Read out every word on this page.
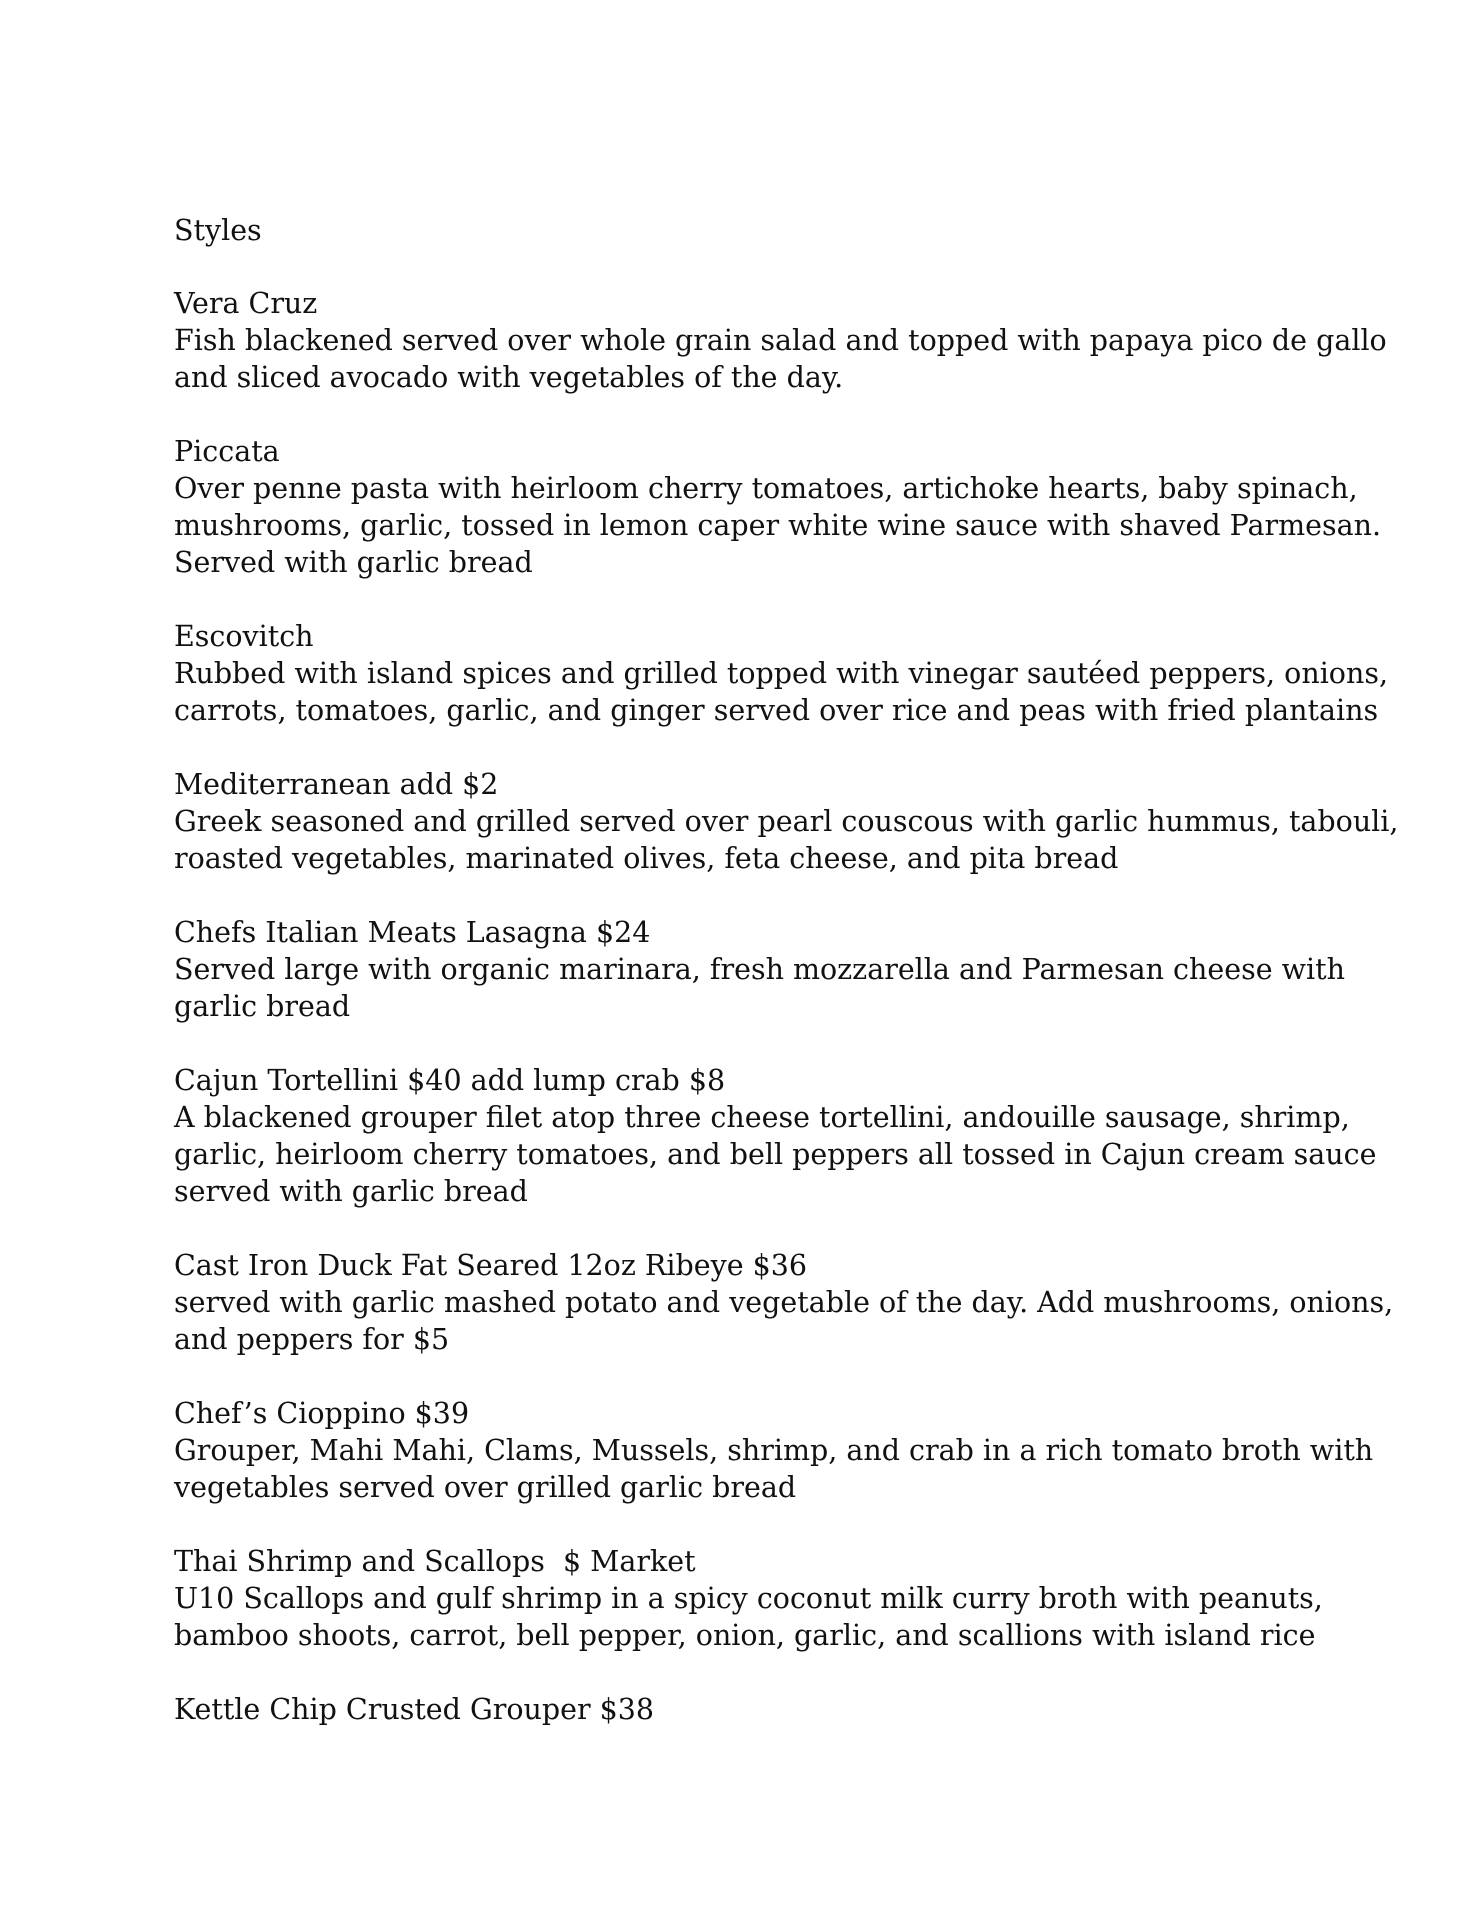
Styles
Vera Cruz
Fish blackened served over whole grain salad and topped with papaya pico de gallo
and sliced avocado with vegetables of the day.
Piccata
Over penne pasta with heirloom cherry tomatoes, artichoke hearts, baby spinach,
mushrooms, garlic, tossed in lemon caper white wine sauce with shaved Parmesan.
Served with garlic bread
Escovitch
Rubbed with island spices and grilled topped with vinegar sautéed peppers, onions,
carrots, tomatoes, garlic, and ginger served over rice and peas with fried plantains
Mediterranean add $2
Greek seasoned and grilled served over pearl couscous with garlic hummus, tabouli,
roasted vegetables, marinated olives, feta cheese, and pita bread
Chefs Italian Meats Lasagna $24
Served large with organic marinara, fresh mozzarella and Parmesan cheese with
garlic bread
Cajun Tortellini $40 add lump crab $8
A blackened grouper filet atop three cheese tortellini, andouille sausage, shrimp,
garlic, heirloom cherry tomatoes, and bell peppers all tossed in Cajun cream sauce
served with garlic bread
Cast Iron Duck Fat Seared 12oz Ribeye $36
served with garlic mashed potato and vegetable of the day. Add mushrooms, onions,
and peppers for $5
Chef’s Cioppino $39
Grouper, Mahi Mahi, Clams, Mussels, shrimp, and crab in a rich tomato broth with
vegetables served over grilled garlic bread
Thai Shrimp and Scallops  $ Market
U10 Scallops and gulf shrimp in a spicy coconut milk curry broth with peanuts,
bamboo shoots, carrot, bell pepper, onion, garlic, and scallions with island rice
Kettle Chip Crusted Grouper $38
